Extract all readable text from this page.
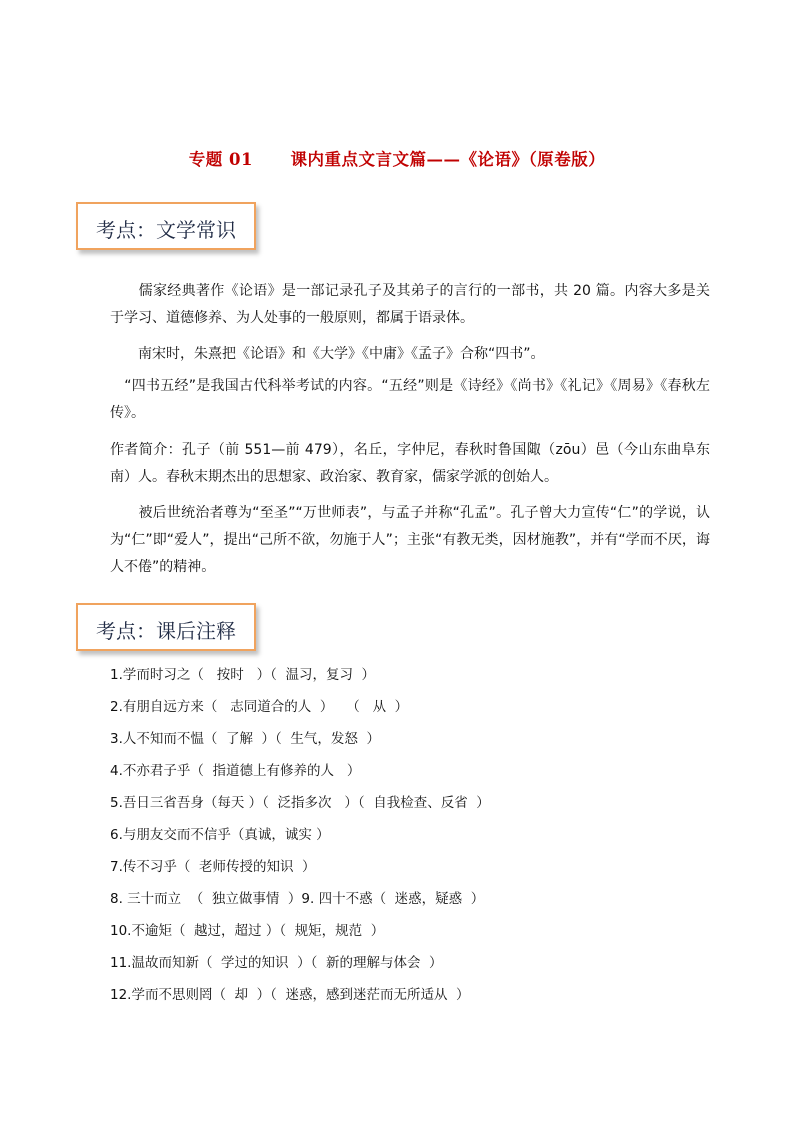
专题 01      课内重点文言文篇——《论语》（原卷版）
考点：文学常识

　　儒家经典著作《论语》是一部记录孔子及其弟子的言行的一部书，共 20 篇。内容大多是关于学习、道德修养、为人处事的一般原则，都属于语录体。

　　南宋时，朱熹把《论语》和《大学》《中庸》《孟子》合称“四书”。

　“四书五经”是我国古代科举考试的内容。“五经”则是《诗经》《尚书》《礼记》《周易》《春秋左传》。

作者简介：孔子（前 551—前 479），名丘，字仲尼，春秋时鲁国陬（zōu）邑（今山东曲阜东南）人。春秋末期杰出的思想家、政治家、教育家，儒家学派的创始人。

　　被后世统治者尊为“至圣”“万世师表”，与孟子并称“孔孟”。孔子曾大力宣传“仁”的学说，认为“仁”即“爱人”，提出“己所不欲，勿施于人”；主张“有教无类，因材施教”，并有“学而不厌，诲人不倦”的精神。

考点：课后注释

1.学而时习之（   按时   ）（  温习，复习  ）

2.有朋自远方来（   志同道合的人  ）   （   从  ）

3.人不知而不愠（  了解  ）（  生气，发怒  ）

4.不亦君子乎（  指道德上有修养的人   ）

5.吾日三省吾身（每天 ）（  泛指多次   ）（  自我检查、反省  ）

6.与朋友交而不信乎（真诚，诚实 ）

7.传不习乎（  老师传授的知识  ）

8. 三十而立  （  独立做事情  ）9. 四十不惑（  迷惑，疑惑  ）

10.不逾矩（  越过，超过 ）（  规矩，规范  ）

11.温故而知新（  学过的知识  ）（  新的理解与体会  ）

12.学而不思则罔（  却  ）（  迷惑，感到迷茫而无所适从  ）
